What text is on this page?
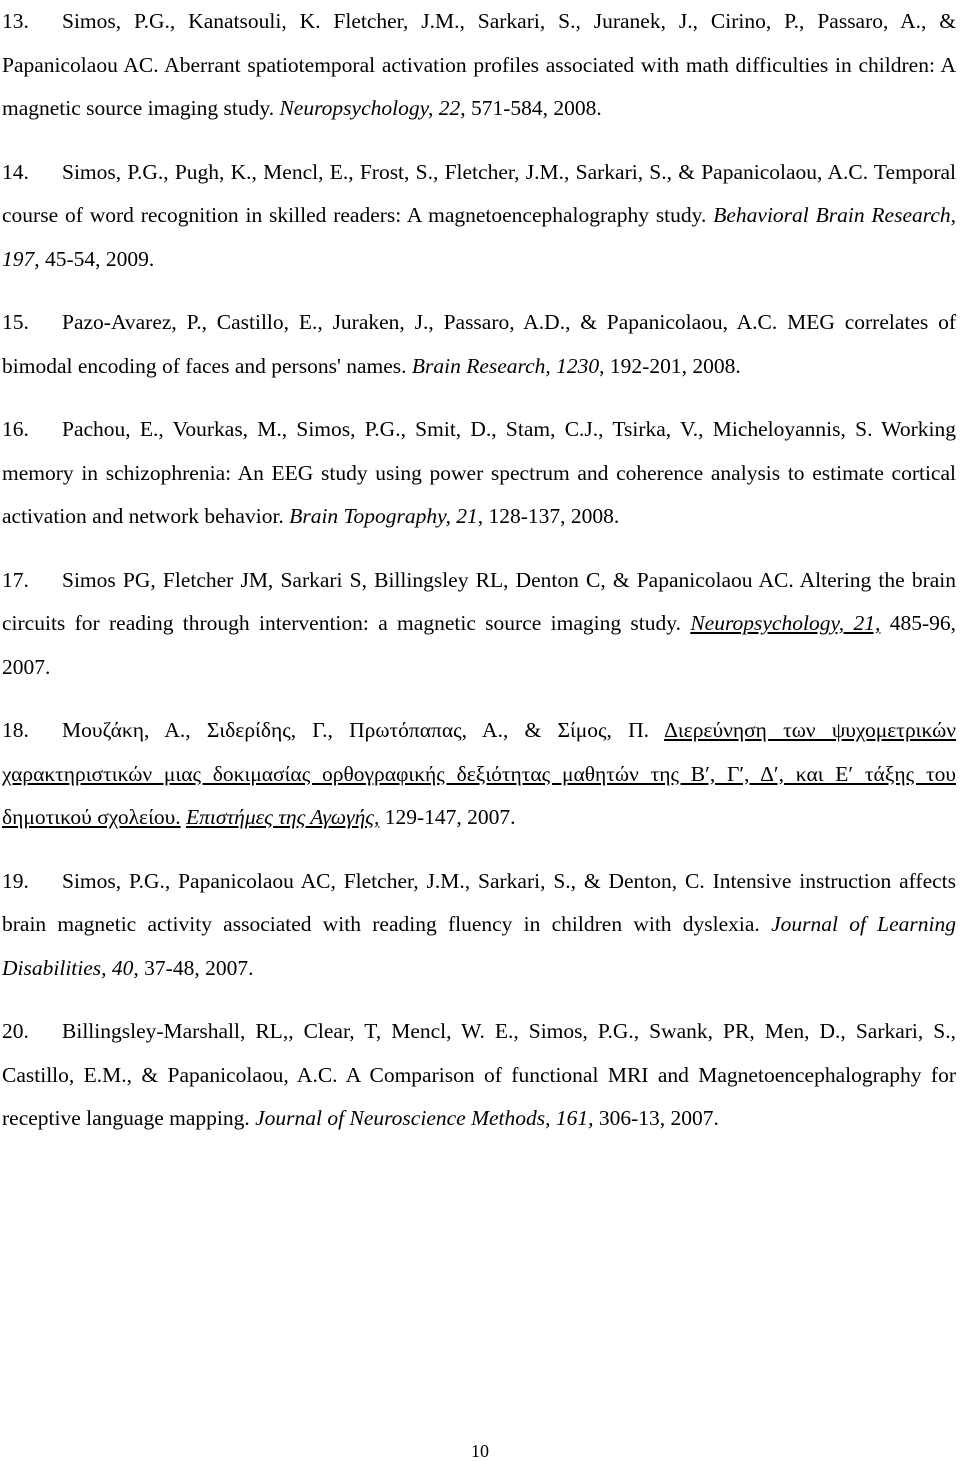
13. Simos, P.G., Kanatsouli, K. Fletcher, J.M., Sarkari, S., Juranek, J., Cirino, P., Passaro, A., & Papanicolaou AC. Aberrant spatiotemporal activation profiles associated with math difficulties in children: A magnetic source imaging study. Neuropsychology, 22, 571-584, 2008.

14. Simos, P.G., Pugh, K., Mencl, E., Frost, S., Fletcher, J.M., Sarkari, S., & Papanicolaou, A.C. Temporal course of word recognition in skilled readers: A magnetoencephalography study. Behavioral Brain Research, 197, 45-54, 2009.

15. Pazo-Avarez, P., Castillo, E., Juraken, J., Passaro, A.D., & Papanicolaou, A.C. MEG correlates of bimodal encoding of faces and persons' names. Brain Research, 1230, 192-201, 2008.

16. Pachou, E., Vourkas, M., Simos, P.G., Smit, D., Stam, C.J., Tsirka, V., Micheloyannis, S. Working memory in schizophrenia: An EEG study using power spectrum and coherence analysis to estimate cortical activation and network behavior. Brain Topography, 21, 128-137, 2008.

17. Simos PG, Fletcher JM, Sarkari S, Billingsley RL, Denton C, & Papanicolaou AC. Altering the brain circuits for reading through intervention: a magnetic source imaging study. Neuropsychology, 21, 485-96, 2007.

18. Μουζάκη, Α., Σιδερίδης, Γ., Πρωτόπαπας, Α., & Σίμος, Π. Διερεύνηση των ψυχομετρικών χαρακτηριστικών μιας δοκιμασίας ορθογραφικής δεξιότητας μαθητών της Β′, Γ′, Δ′, και Ε′ τάξης του δημοτικού σχολείου. Επιστήμες της Αγωγής, 129-147, 2007.

19. Simos, P.G., Papanicolaou AC, Fletcher, J.M., Sarkari, S., & Denton, C. Intensive instruction affects brain magnetic activity associated with reading fluency in children with dyslexia. Journal of Learning Disabilities, 40, 37-48, 2007.

20. Billingsley-Marshall, RL,, Clear, T, Mencl, W. E., Simos, P.G., Swank, PR, Men, D., Sarkari, S., Castillo, E.M., & Papanicolaou, A.C. A Comparison of functional MRI and Magnetoencephalography for receptive language mapping. Journal of Neuroscience Methods, 161, 306-13, 2007.

10
